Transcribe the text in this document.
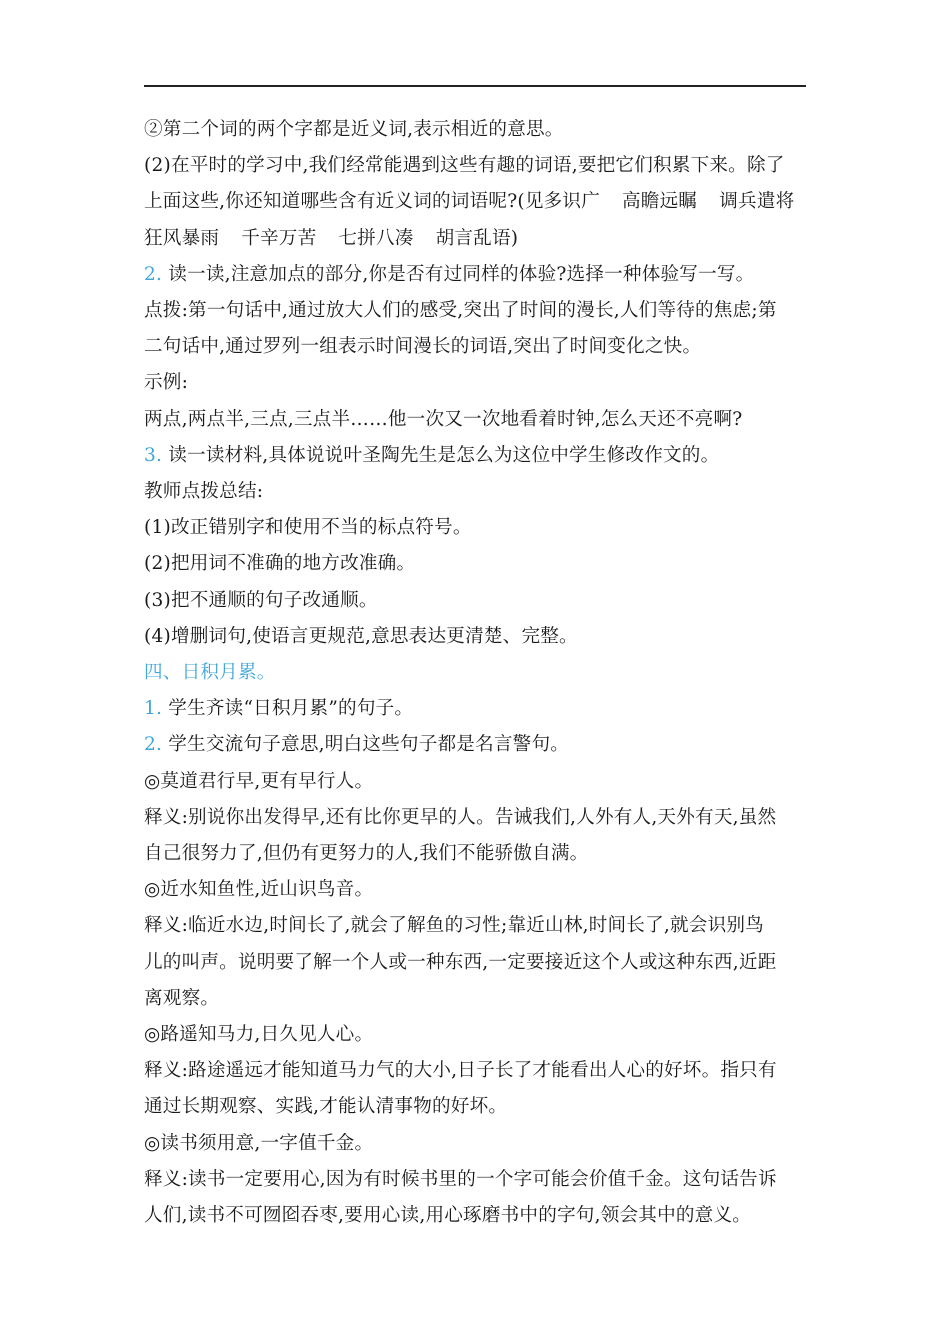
②第二个词的两个字都是近义词,表示相近的意思。
(2)在平时的学习中,我们经常能遇到这些有趣的词语,要把它们积累下来。除了
上面这些,你还知道哪些含有近义词的词语呢?(见多识广 高瞻远瞩 调兵遣将
狂风暴雨 千辛万苦 七拼八凑 胡言乱语)
2. 读一读,注意加点的部分,你是否有过同样的体验?选择一种体验写一写。
点拨:第一句话中,通过放大人们的感受,突出了时间的漫长,人们等待的焦虑;第
二句话中,通过罗列一组表示时间漫长的词语,突出了时间变化之快。
示例:
两点,两点半,三点,三点半……他一次又一次地看着时钟,怎么天还不亮啊?
3. 读一读材料,具体说说叶圣陶先生是怎么为这位中学生修改作文的。
教师点拨总结:
(1)改正错别字和使用不当的标点符号。
(2)把用词不准确的地方改准确。
(3)把不通顺的句子改通顺。
(4)增删词句,使语言更规范,意思表达更清楚、完整。
四、日积月累。
1. 学生齐读“日积月累”的句子。
2. 学生交流句子意思,明白这些句子都是名言警句。
◎莫道君行早,更有早行人。
释义:别说你出发得早,还有比你更早的人。告诫我们,人外有人,天外有天,虽然
自己很努力了,但仍有更努力的人,我们不能骄傲自满。
◎近水知鱼性,近山识鸟音。
释义:临近水边,时间长了,就会了解鱼的习性;靠近山林,时间长了,就会识别鸟
儿的叫声。说明要了解一个人或一种东西,一定要接近这个人或这种东西,近距
离观察。
◎路遥知马力,日久见人心。
释义:路途遥远才能知道马力气的大小,日子长了才能看出人心的好坏。指只有
通过长期观察、实践,才能认清事物的好坏。
◎读书须用意,一字值千金。
释义:读书一定要用心,因为有时候书里的一个字可能会价值千金。这句话告诉
人们,读书不可囫囵吞枣,要用心读,用心琢磨书中的字句,领会其中的意义。
